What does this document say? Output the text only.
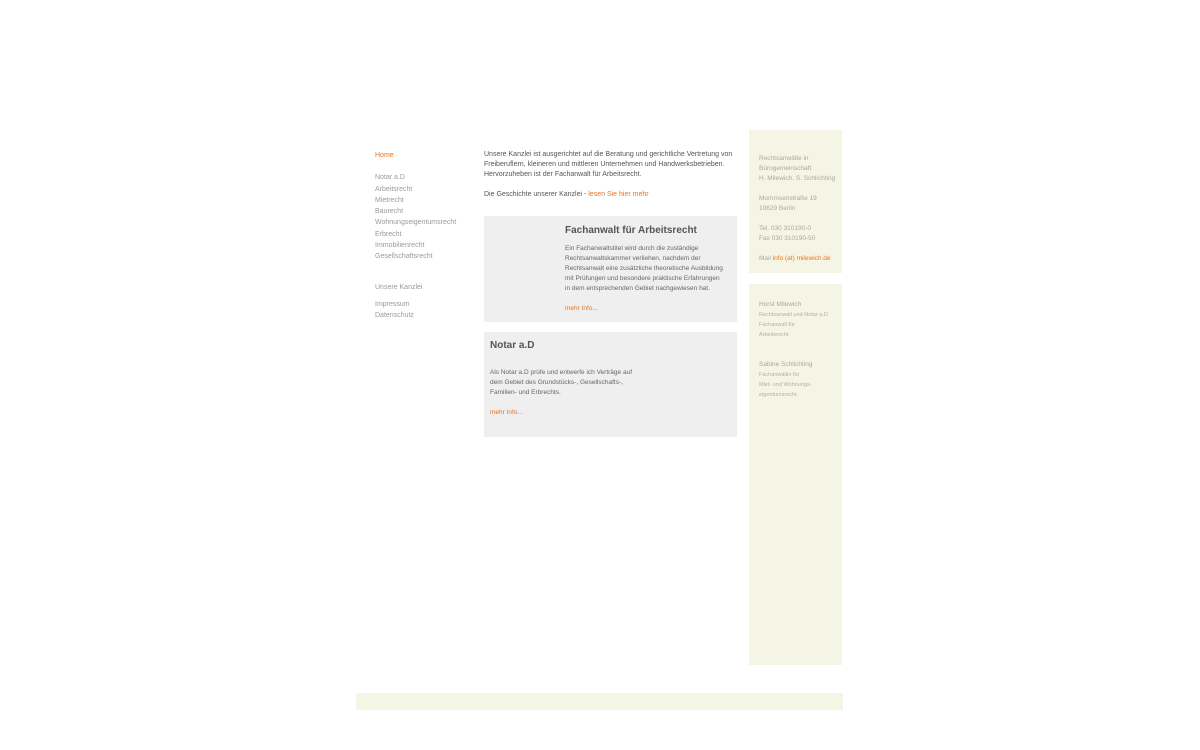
Home
Notar a.D
Arbeitsrecht
Mietrecht
Baurecht
Wohnungseigentumsrecht
Erbrecht
Immobilienrecht
Gesellschaftsrecht
Unsere Kanzlei
Impressum
Datenschutz

Unsere Kanzlei ist ausgerichtet auf die Beratung und gerichtliche Vertretung von

Freiberuflern, kleineren und mittleren Unternehmen und Handwerksbetrieben.

Hervorzuheben ist der Fachanwalt für Arbeitsrecht.

Die Geschichte unserer Kanzlei - lesen Sie hier mehr

Fachanwalt für Arbeitsrecht
Ein Fachanwaltstitel wird durch die zuständige
Rechtsanwaltskammer verliehen, nachdem der
Rechtsanwalt eine zusätzliche theoretische Ausbildung
mit Prüfungen und besondere praktische Erfahrungen
in dem entsprechenden Gebiet nachgewiesen hat.
mehr Info...
Notar a.D
Als Notar a.D prüfe und entwerfe ich Verträge auf
dem Gebiet des Grundstücks-, Gesellschafts-,
Familien- und Erbrechts.
mehr Info...

Rechtsanwälte in

Bürogemeinschaft

H. Milewich, S. Schlichting

Mommsenstraße 19

10629 Berlin

Tel. 030 310190-0

Fax 030 310190-50

Mail info (at) milewich.de

Horst Milewich
Rechtsanwalt und Notar a.D
Fachanwalt für
Arbeitsrecht
Sabine Schlichting
Fachanwältin für
Miet- und Wohnungs-
eigentumsrecht
